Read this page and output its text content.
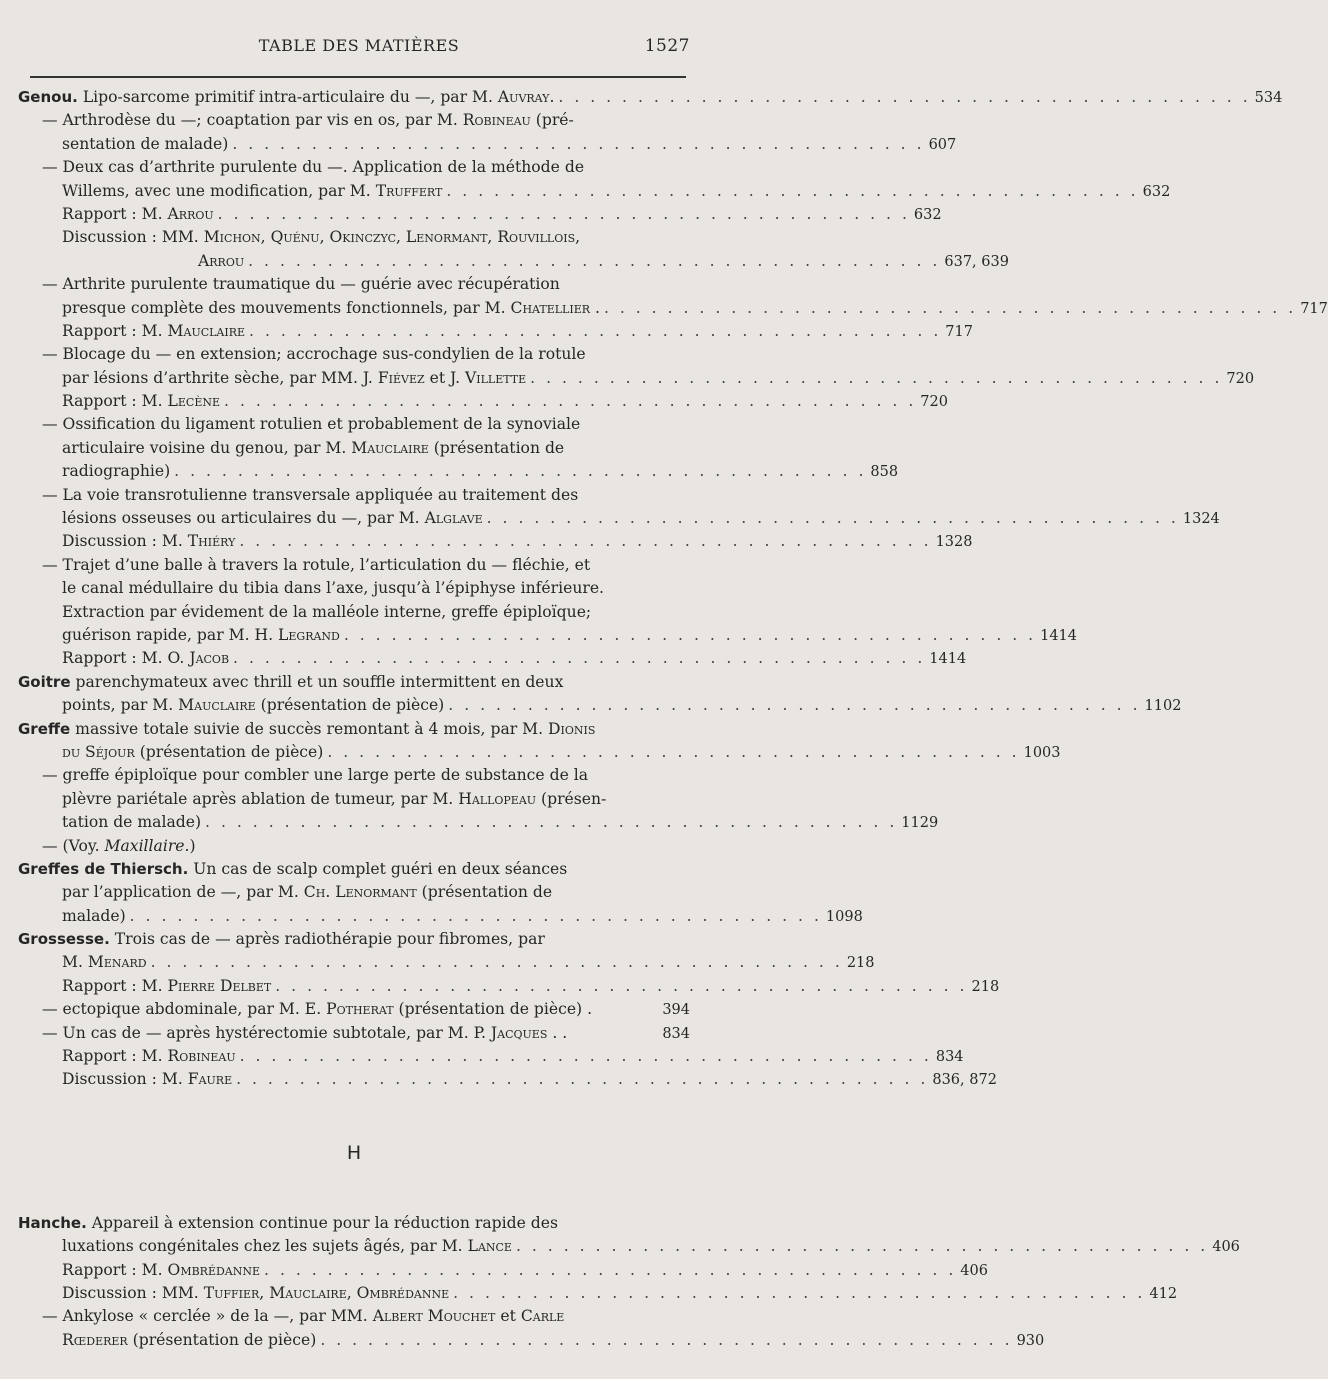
TABLE DES MATIÈRES	1527
Genou. Lipo-sarcome primitif intra-articulaire du —, par M. Auvray. . . . . . . . . . . . . . . . . . . . . . . . . . . . . . . . . . . . . . . . . . . . . 534
— Arthrodèse du —; coaptation par vis en os, par M. Robineau (pré-
sentation de malade) . . . . . . . . . . . . . . . . . . . . . . . . . . . . . . . . . . . . . . . . . . . . 607
— Deux cas d’arthrite purulente du —. Application de la méthode de
Willems, avec une modification, par M. Truffert . . . . . . . . . . . . . . . . . . . . . . . . . . . . . . . . . . . . . . . . . . . . 632
Rapport : M. Arrou . . . . . . . . . . . . . . . . . . . . . . . . . . . . . . . . . . . . . . . . . . . . 632
Discussion : MM. Michon, Quénu, Okinczyc, Lenormant, Rouvillois,
Arrou . . . . . . . . . . . . . . . . . . . . . . . . . . . . . . . . . . . . . . . . . . . . 637, 639
— Arthrite purulente traumatique du — guérie avec récupération
presque complète des mouvements fonctionnels, par M. Chatellier . . . . . . . . . . . . . . . . . . . . . . . . . . . . . . . . . . . . . . . . . . . . . 717
Rapport : M. Mauclaire . . . . . . . . . . . . . . . . . . . . . . . . . . . . . . . . . . . . . . . . . . . . 717
— Blocage du — en extension; accrochage sus-condylien de la rotule
par lésions d’arthrite sèche, par MM. J. Fiévez et J. Villette . . . . . . . . . . . . . . . . . . . . . . . . . . . . . . . . . . . . . . . . . . . . 720
Rapport : M. Lecène . . . . . . . . . . . . . . . . . . . . . . . . . . . . . . . . . . . . . . . . . . . . 720
— Ossification du ligament rotulien et probablement de la synoviale
articulaire voisine du genou, par M. Mauclaire (présentation de
radiographie) . . . . . . . . . . . . . . . . . . . . . . . . . . . . . . . . . . . . . . . . . . . . 858
— La voie transrotulienne transversale appliquée au traitement des
lésions osseuses ou articulaires du —, par M. Alglave . . . . . . . . . . . . . . . . . . . . . . . . . . . . . . . . . . . . . . . . . . . . 1324
Discussion : M. Thiéry . . . . . . . . . . . . . . . . . . . . . . . . . . . . . . . . . . . . . . . . . . . . 1328
— Trajet d’une balle à travers la rotule, l’articulation du — fléchie, et
le canal médullaire du tibia dans l’axe, jusqu’à l’épiphyse inférieure.
Extraction par évidement de la malléole interne, greffe épiploïque;
guérison rapide, par M. H. Legrand . . . . . . . . . . . . . . . . . . . . . . . . . . . . . . . . . . . . . . . . . . . . 1414
Rapport : M. O. Jacob . . . . . . . . . . . . . . . . . . . . . . . . . . . . . . . . . . . . . . . . . . . . 1414
Goitre parenchymateux avec thrill et un souffle intermittent en deux
points, par M. Mauclaire (présentation de pièce) . . . . . . . . . . . . . . . . . . . . . . . . . . . . . . . . . . . . . . . . . . . . 1102
Greffe massive totale suivie de succès remontant à 4 mois, par M. Dionis
du Séjour (présentation de pièce) . . . . . . . . . . . . . . . . . . . . . . . . . . . . . . . . . . . . . . . . . . . . 1003
— greffe épiploïque pour combler une large perte de substance de la
plèvre pariétale après ablation de tumeur, par M. Hallopeau (présen-
tation de malade) . . . . . . . . . . . . . . . . . . . . . . . . . . . . . . . . . . . . . . . . . . . . 1129
— (Voy. Maxillaire.)
Greffes de Thiersch. Un cas de scalp complet guéri en deux séances
par l’application de —, par M. Ch. Lenormant (présentation de
malade) . . . . . . . . . . . . . . . . . . . . . . . . . . . . . . . . . . . . . . . . . . . . 1098
Grossesse. Trois cas de — après radiothérapie pour fibromes, par
M. Menard . . . . . . . . . . . . . . . . . . . . . . . . . . . . . . . . . . . . . . . . . . . . 218
Rapport : M. Pierre Delbet . . . . . . . . . . . . . . . . . . . . . . . . . . . . . . . . . . . . . . . . . . . . 218
— ectopique abdominale, par M. E. Potherat (présentation de pièce) .	394
— Un cas de — après hystérectomie subtotale, par M. P. Jacques . .	834
Rapport : M. Robineau . . . . . . . . . . . . . . . . . . . . . . . . . . . . . . . . . . . . . . . . . . . . 834
Discussion : M. Faure . . . . . . . . . . . . . . . . . . . . . . . . . . . . . . . . . . . . . . . . . . . . 836, 872
H
Hanche. Appareil à extension continue pour la réduction rapide des
luxations congénitales chez les sujets âgés, par M. Lance . . . . . . . . . . . . . . . . . . . . . . . . . . . . . . . . . . . . . . . . . . . . 406
Rapport : M. Ombrédanne . . . . . . . . . . . . . . . . . . . . . . . . . . . . . . . . . . . . . . . . . . . . 406
Discussion : MM. Tuffier, Mauclaire, Ombrédanne . . . . . . . . . . . . . . . . . . . . . . . . . . . . . . . . . . . . . . . . . . . . 412
— Ankylose « cerclée » de la —, par MM. Albert Mouchet et Carle
Rœderer (présentation de pièce) . . . . . . . . . . . . . . . . . . . . . . . . . . . . . . . . . . . . . . . . . . . . 930
